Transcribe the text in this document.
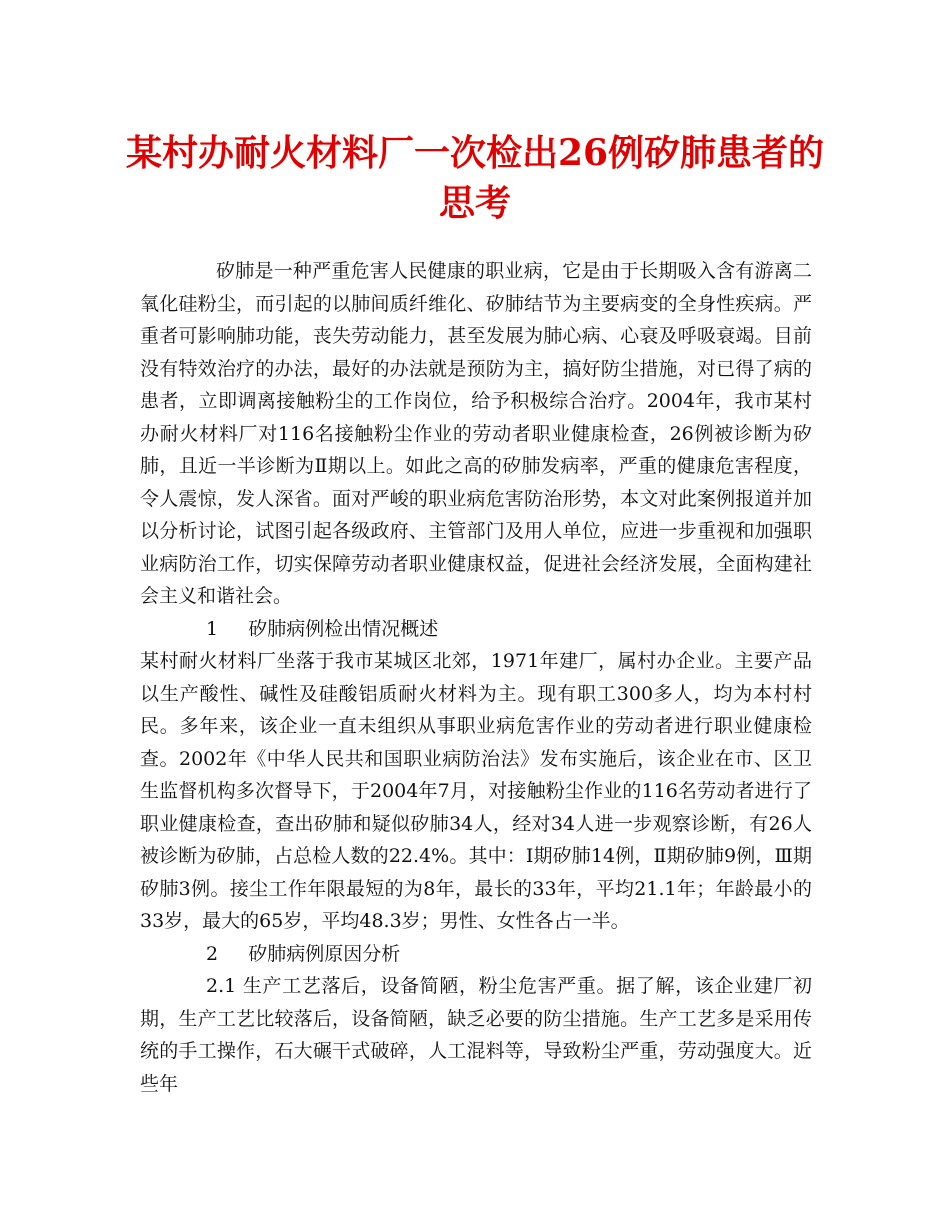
某村办耐火材料厂一次检出26例矽肺患者的思考

矽肺是一种严重危害人民健康的职业病，它是由于长期吸入含有游离二氧化硅粉尘，而引起的以肺间质纤维化、矽肺结节为主要病变的全身性疾病。严重者可影响肺功能，丧失劳动能力，甚至发展为肺心病、心衰及呼吸衰竭。目前没有特效治疗的办法，最好的办法就是预防为主，搞好防尘措施，对已得了病的患者，立即调离接触粉尘的工作岗位，给予积极综合治疗。2004年，我市某村办耐火材料厂对116名接触粉尘作业的劳动者职业健康检查，26例被诊断为矽肺，且近一半诊断为Ⅱ期以上。如此之高的矽肺发病率，严重的健康危害程度，令人震惊，发人深省。面对严峻的职业病危害防治形势，本文对此案例报道并加以分析讨论，试图引起各级政府、主管部门及用人单位，应进一步重视和加强职业病防治工作，切实保障劳动者职业健康权益，促进社会经济发展，全面构建社会主义和谐社会。

1 矽肺病例检出情况概述

某村耐火材料厂坐落于我市某城区北郊，1971年建厂，属村办企业。主要产品以生产酸性、碱性及硅酸铝质耐火材料为主。现有职工300多人，均为本村村民。多年来，该企业一直未组织从事职业病危害作业的劳动者进行职业健康检查。2002年《中华人民共和国职业病防治法》发布实施后，该企业在市、区卫生监督机构多次督导下，于2004年7月，对接触粉尘作业的116名劳动者进行了职业健康检查，查出矽肺和疑似矽肺34人，经对34人进一步观察诊断，有26人被诊断为矽肺，占总检人数的22.4%。其中：Ⅰ期矽肺14例，Ⅱ期矽肺9例，Ⅲ期矽肺3例。接尘工作年限最短的为8年，最长的33年，平均21.1年；年龄最小的33岁，最大的65岁，平均48.3岁；男性、女性各占一半。

2 矽肺病例原因分析

2.1 生产工艺落后，设备简陋，粉尘危害严重。据了解，该企业建厂初期，生产工艺比较落后，设备简陋，缺乏必要的防尘措施。生产工艺多是采用传统的手工操作，石大碾干式破碎，人工混料等，导致粉尘严重，劳动强度大。近些年
